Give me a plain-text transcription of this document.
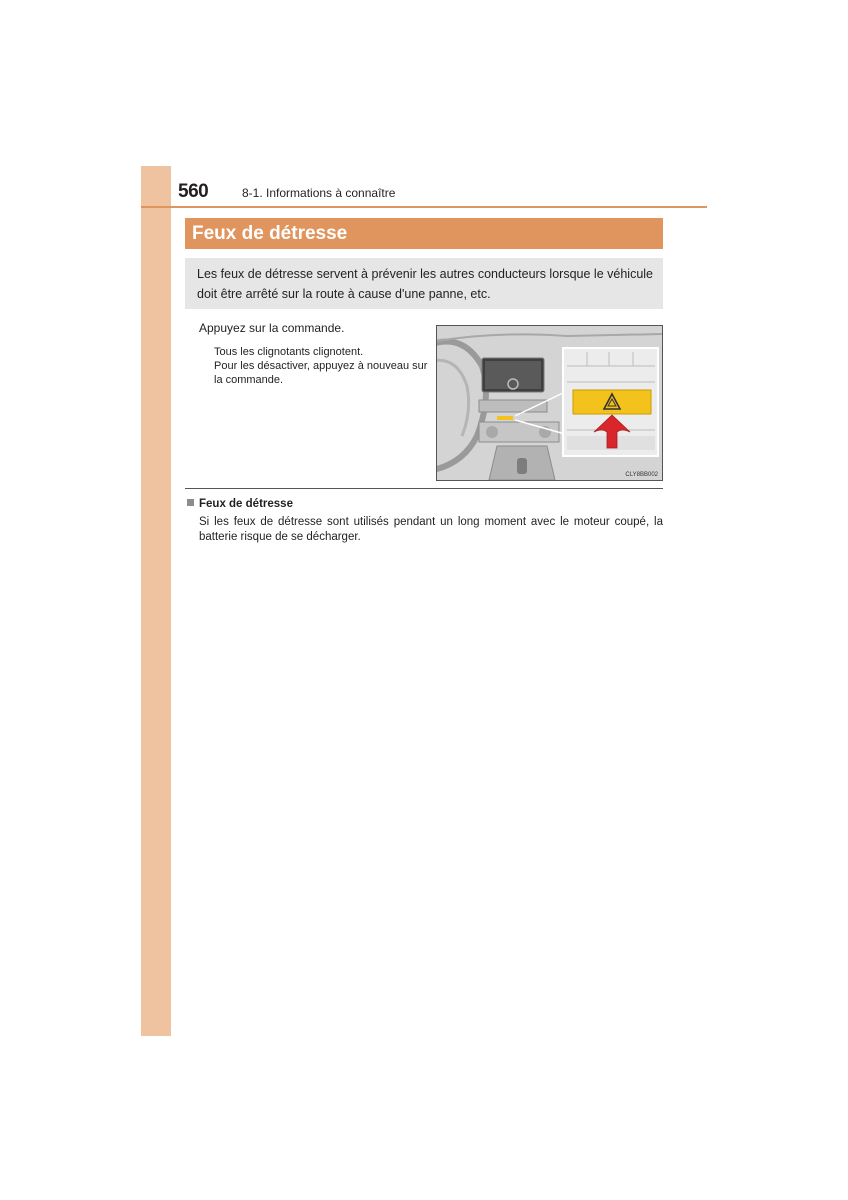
560	8-1. Informations à connaître
Feux de détresse
Les feux de détresse servent à prévenir les autres conducteurs lorsque le véhicule doit être arrêté sur la route à cause d'une panne, etc.
Appuyez sur la commande.
Tous les clignotants clignotent.
Pour les désactiver, appuyez à nouveau sur la commande.
CLY8BB002
Feux de détresse
Si les feux de détresse sont utilisés pendant un long moment avec le moteur coupé, la batterie risque de se décharger.
